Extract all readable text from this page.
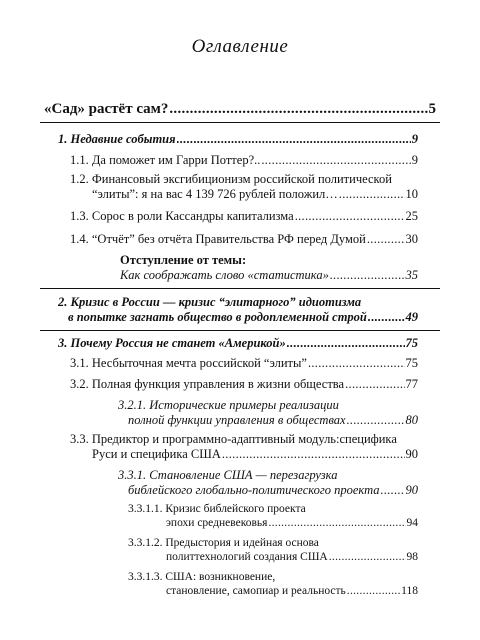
Оглавление
«Сад» растёт сам? .....	5
1. Недавние события .....	9
1.1. Да поможет им Гарри Поттер?.. .....	9
1.2. Финансовый эксгибиционизм российской политической
“элиты”: я на вас 4 139 726 рублей положил… .....	10
1.3. Сорос в роли Кассандры капитализма .....	25
1.4. “Отчёт” без отчёта Правительства РФ перед Думой .....	30
Отступление от темы:
Как соображать слово «статистика» .....	35
2. Кризис в России — кризис “элитарного” идиотизма
в попытке загнать общество в родоплеменной строй .....	49
3. Почему Россия не станет «Америкой» .....	75
3.1. Несбыточная мечта российской “элиты” .....	75
3.2. Полная функция управления в жизни общества .....	77
3.2.1. Исторические примеры реализации
полной функции управления в обществах .....	80
3.3. Предиктор и программно-адаптивный модуль:специфика
Руси и специфика США .....	90
3.3.1. Становление США — перезагрузка
библейского глобально-политического проекта ..... 90
3.3.1.1. Кризис библейского проекта
эпохи средневековья .....	94
3.3.1.2. Предыстория и идейная основа
политтехнологий создания США .....	98
3.3.1.3. США: возникновение,
становление, самопиар и реальность .....	118
